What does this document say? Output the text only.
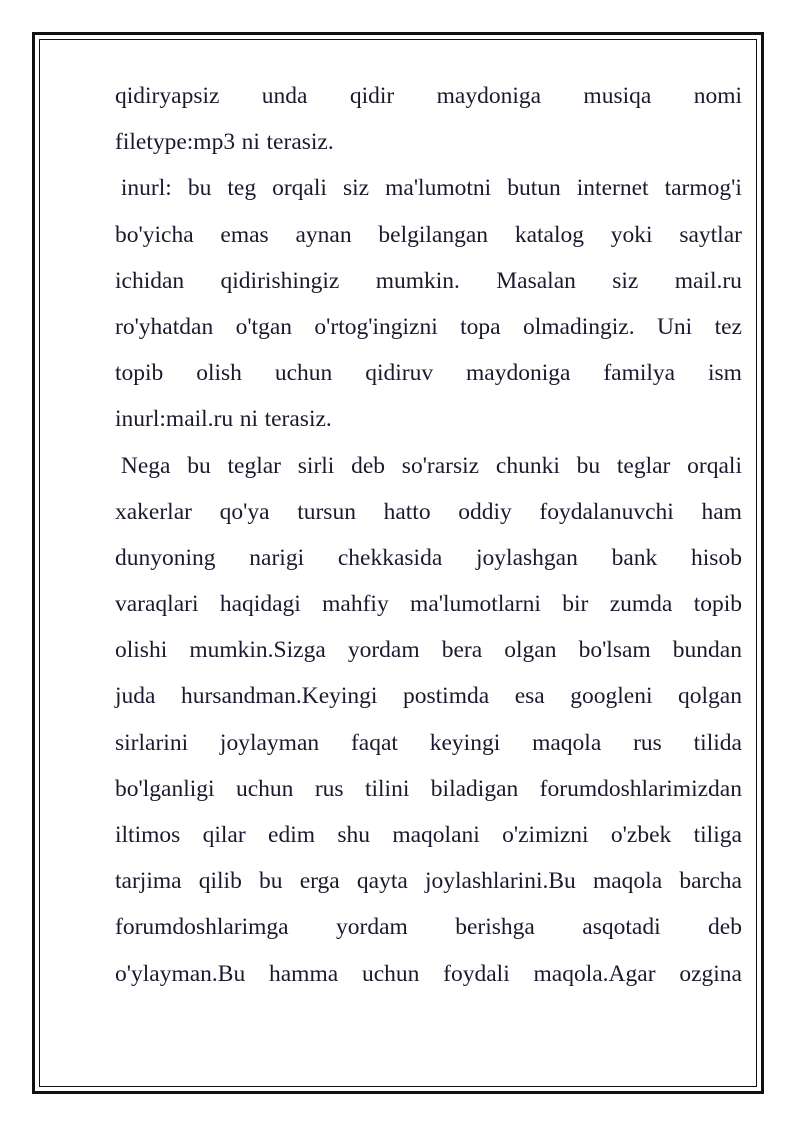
qidiryapsiz unda qidir maydoniga musiqa nomi
filetype:mp3 ni terasiz.
inurl: bu teg orqali siz ma'lumotni butun internet tarmog'i
bo'yicha emas aynan belgilangan katalog yoki saytlar
ichidan qidirishingiz mumkin. Masalan siz mail.ru
ro'yhatdan o'tgan o'rtog'ingizni topa olmadingiz. Uni tez
topib olish uchun qidiruv maydoniga familya ism
inurl:mail.ru ni terasiz.
Nega bu teglar sirli deb so'rarsiz chunki bu teglar orqali
xakerlar qo'ya tursun hatto oddiy foydalanuvchi ham
dunyoning narigi chekkasida joylashgan bank hisob
varaqlari haqidagi mahfiy ma'lumotlarni bir zumda topib
olishi mumkin.Sizga yordam bera olgan bo'lsam bundan
juda hursandman.Keyingi postimda esa googleni qolgan
sirlarini joylayman faqat keyingi maqola rus tilida
bo'lganligi uchun rus tilini biladigan forumdoshlarimizdan
iltimos qilar edim shu maqolani o'zimizni o'zbek tiliga
tarjima qilib bu erga qayta joylashlarini.Bu maqola barcha
forumdoshlarimga yordam berishga asqotadi deb
o'ylayman.Bu hamma uchun foydali maqola.Agar ozgina
